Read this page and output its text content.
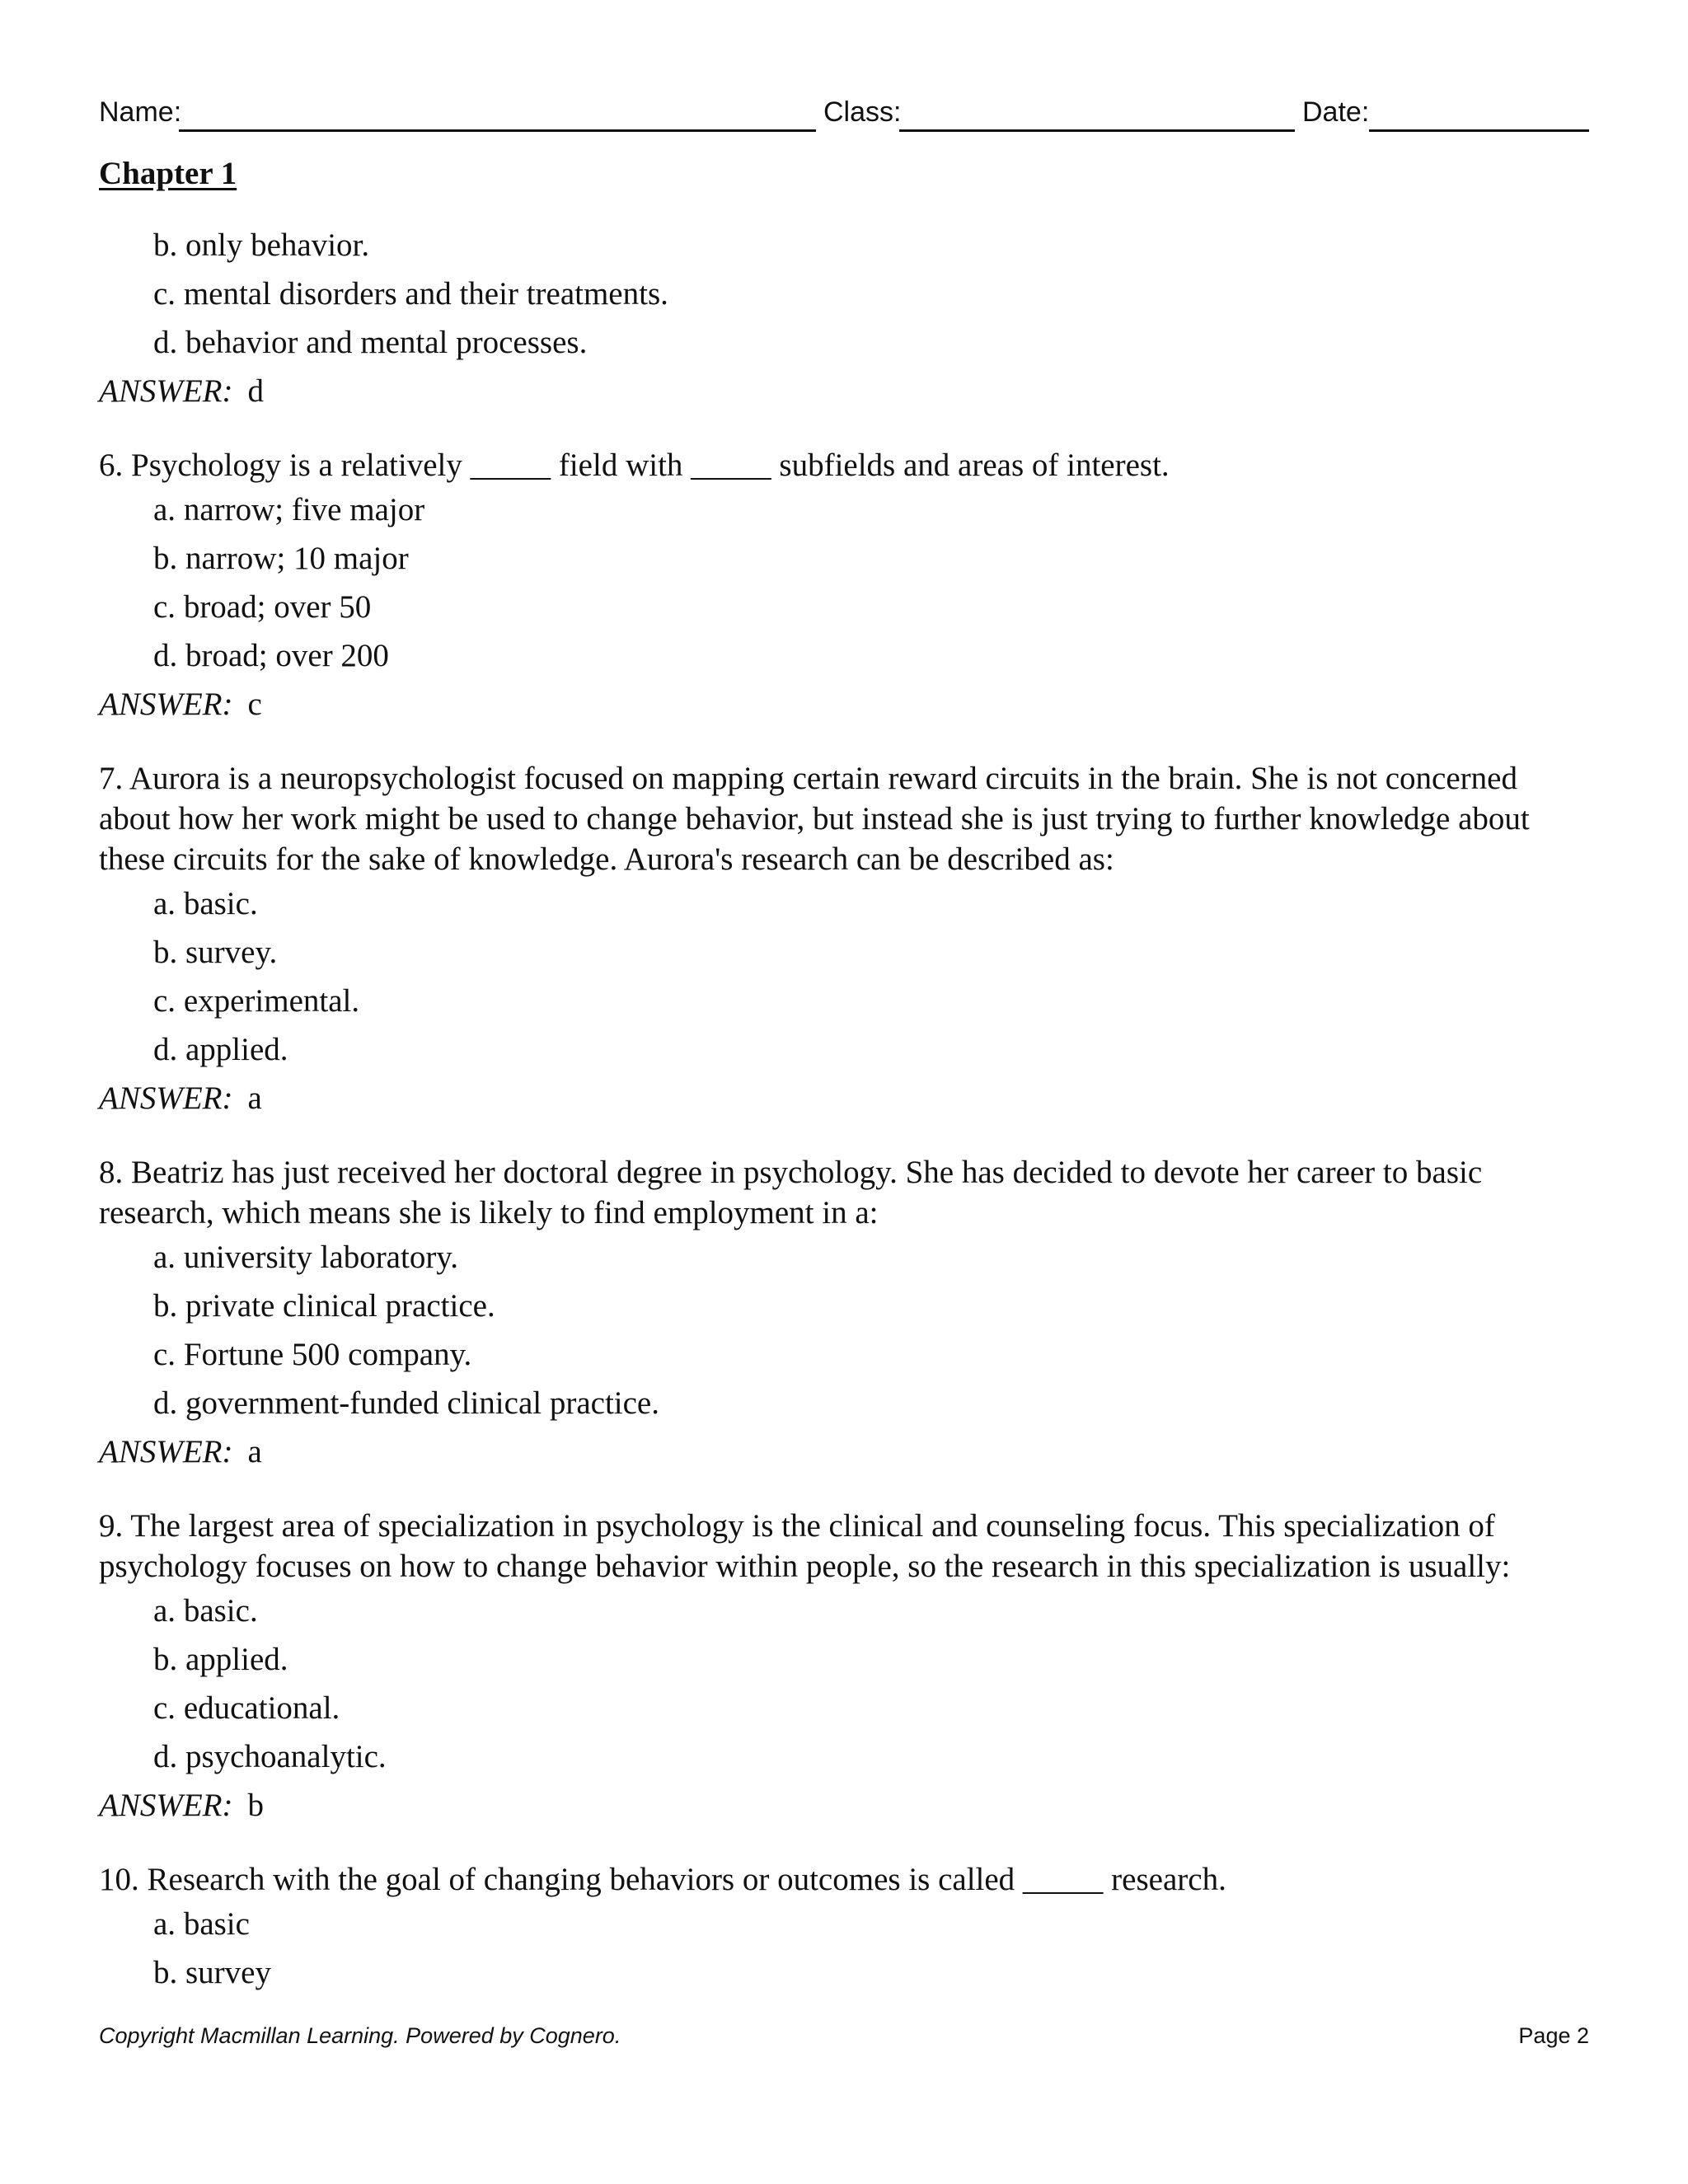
Name:	Class:	Date:
Chapter 1
b. only behavior.
c. mental disorders and their treatments.
d. behavior and mental processes.
ANSWER: d
6. Psychology is a relatively _____ field with _____ subfields and areas of interest.
a. narrow; five major
b. narrow; 10 major
c. broad; over 50
d. broad; over 200
ANSWER: c
7. Aurora is a neuropsychologist focused on mapping certain reward circuits in the brain. She is not concerned about how her work might be used to change behavior, but instead she is just trying to further knowledge about these circuits for the sake of knowledge. Aurora's research can be described as:
a. basic.
b. survey.
c. experimental.
d. applied.
ANSWER: a
8. Beatriz has just received her doctoral degree in psychology. She has decided to devote her career to basic research, which means she is likely to find employment in a:
a. university laboratory.
b. private clinical practice.
c. Fortune 500 company.
d. government-funded clinical practice.
ANSWER: a
9. The largest area of specialization in psychology is the clinical and counseling focus. This specialization of psychology focuses on how to change behavior within people, so the research in this specialization is usually:
a. basic.
b. applied.
c. educational.
d. psychoanalytic.
ANSWER: b
10. Research with the goal of changing behaviors or outcomes is called _____ research.
a. basic
b. survey
Copyright Macmillan Learning. Powered by Cognero.	Page 2
